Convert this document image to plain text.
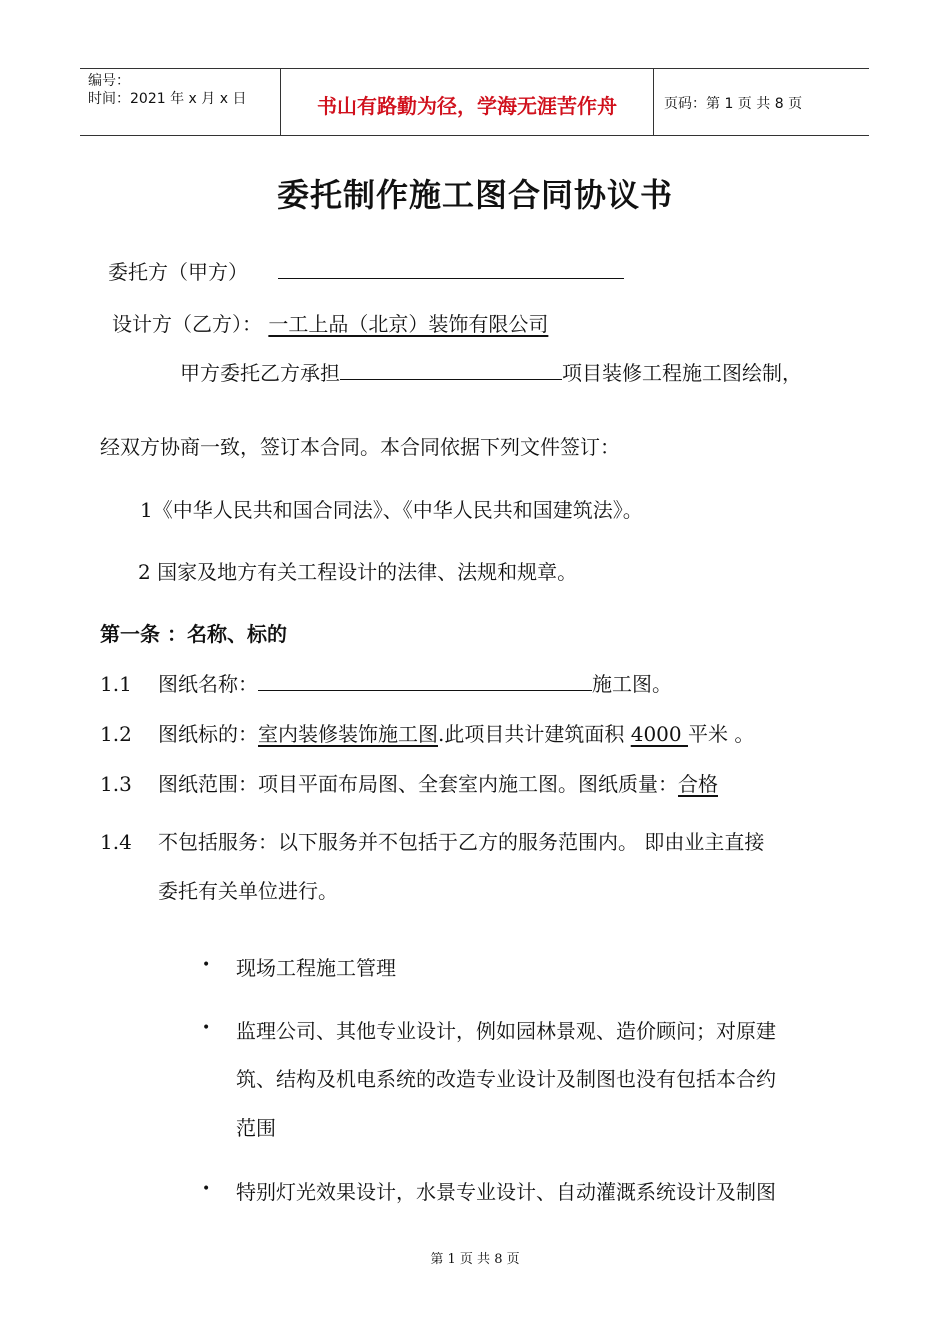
编号：
时间：2021 年 x 月 x 日	书山有路勤为径，学海无涯苦作舟	页码：第 1 页 共 8 页
委托制作施工图合同协议书
委托方（甲方）
设计方（乙方）： 一工上品（北京）装饰有限公司
甲方委托乙方承担	项目装修工程施工图绘制，
经双方协商一致，签订本合同。本合同依据下列文件签订：
1《中华人民共和国合同法》、《中华人民共和国建筑法》。
2 国家及地方有关工程设计的法律、法规和规章。
第一条 ：名称、标的
1.1 图纸名称：	施工图。
1.2 图纸标的：室内装修装饰施工图.此项目共计建筑面积 4000 平米 。
1.3 图纸范围：项目平面布局图、全套室内施工图。图纸质量：合格
1.4 不包括服务：以下服务并不包括于乙方的服务范围内。 即由业主直接
委托有关单位进行。
• 现场工程施工管理
• 监理公司、其他专业设计，例如园林景观、造价顾问；对原建
筑、结构及机电系统的改造专业设计及制图也没有包括本合约
范围
• 特别灯光效果设计，水景专业设计、自动灌溉系统设计及制图
第 1 页 共 8 页
